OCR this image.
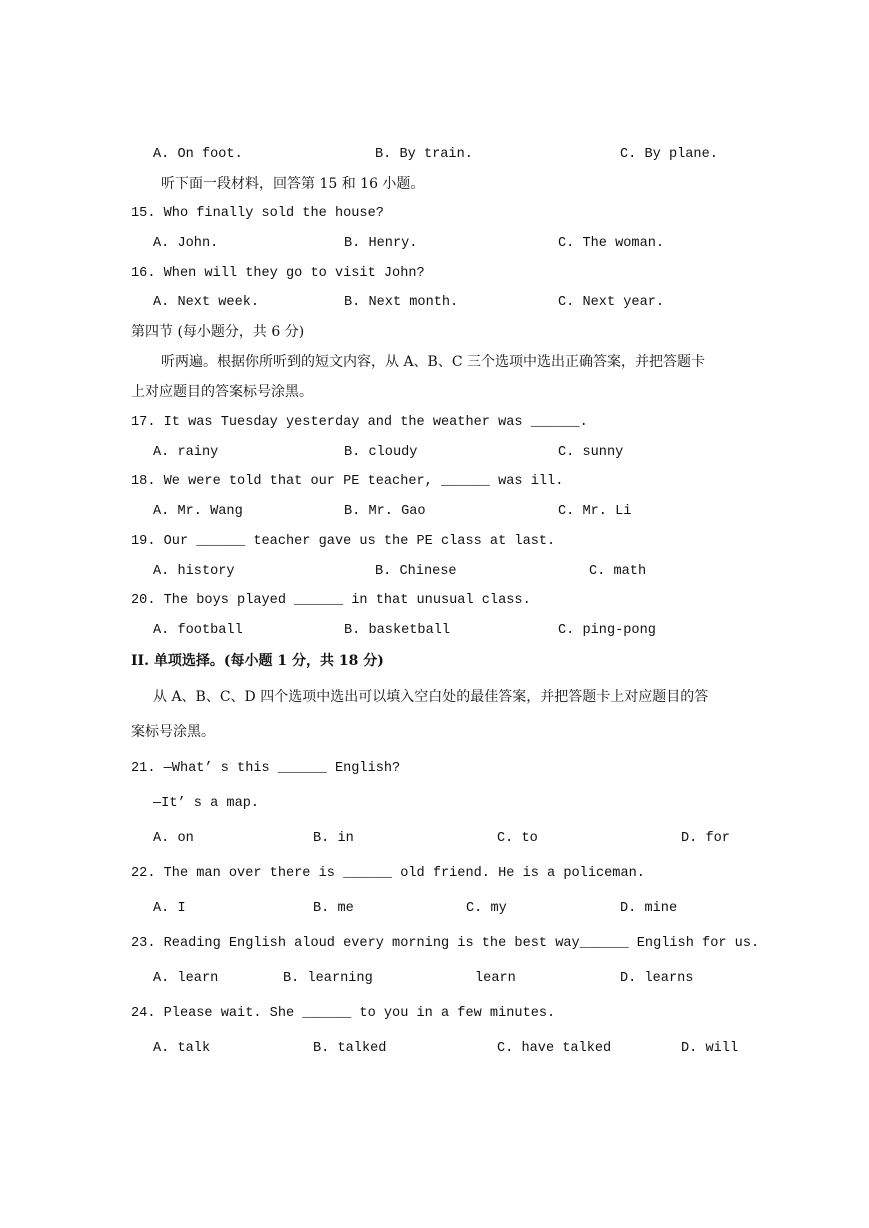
A. On foot.	B. By train.	C. By plane.
听下面一段材料，回答第 15 和 16 小题。
15. Who finally sold the house?
A. John.	B. Henry.	C. The woman.
16. When will they go to visit John?
A. Next week.	B. Next month.	C. Next year.
第四节 (每小题分，共 6 分)
听两遍。根据你所听到的短文内容，从 A、B、C 三个选项中选出正确答案，并把答题卡
上对应题目的答案标号涂黑。
17. It was Tuesday yesterday and the weather was ______.
A. rainy	B. cloudy	C. sunny
18. We were told that our PE teacher, ______ was ill.
A. Mr. Wang	B. Mr. Gao	C. Mr. Li
19. Our ______ teacher gave us the PE class at last.
A. history	B. Chinese	C. math
20. The boys played ______ in that unusual class.
A. football	B. basketball	C. ping-pong
II. 单项选择。(每小题 1 分，共 18 分)
从 A、B、C、D 四个选项中选出可以填入空白处的最佳答案，并把答题卡上对应题目的答
案标号涂黑。
21. —What’ s this ______ English?
—It’ s a map.
A. on	B. in	C. to	D. for
22. The man over there is ______ old friend. He is a policeman.
A. I	B. me	C. my	D. mine
23. Reading English aloud every morning is the best way______ English for us.
A. learn	B. learning	learn	D. learns
24. Please wait. She ______ to you in a few minutes.
A. talk	B. talked	C. have talked	D. will
